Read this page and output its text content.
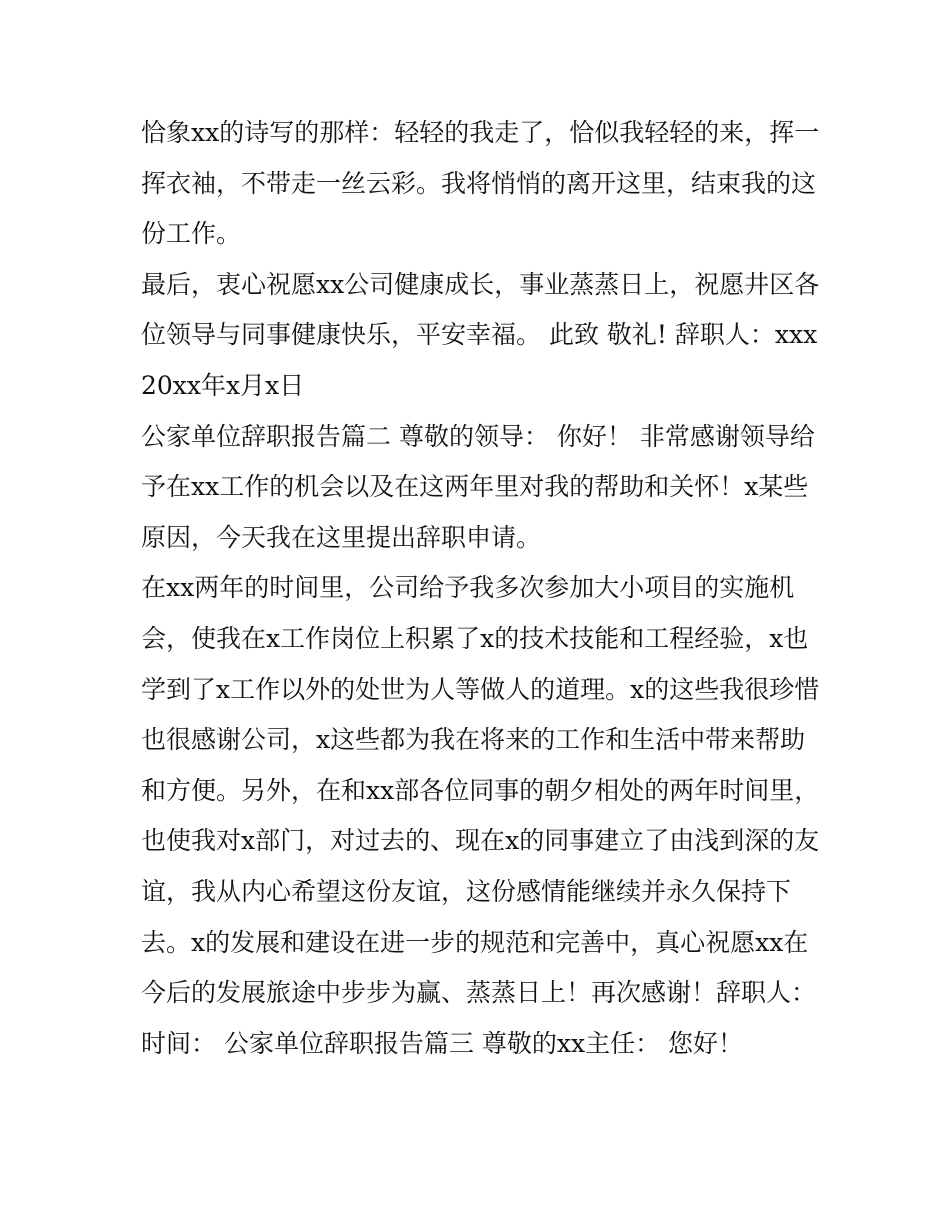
恰象xx的诗写的那样：轻轻的我走了，恰似我轻轻的来，挥一挥衣袖，不带走一丝云彩。我将悄悄的离开这里，结束我的这份工作。

最后，衷心祝愿xx公司健康成长，事业蒸蒸日上，祝愿井区各位领导与同事健康快乐，平安幸福。 此致 敬礼! 辞职人：xxx 20xx年x月x日

公家单位辞职报告篇二 尊敬的领导： 你好！ 非常感谢领导给予在xx工作的机会以及在这两年里对我的帮助和关怀！x某些原因，今天我在这里提出辞职申请。

在xx两年的时间里，公司给予我多次参加大小项目的实施机会，使我在x工作岗位上积累了x的技术技能和工程经验，x也学到了x工作以外的处世为人等做人的道理。x的这些我很珍惜也很感谢公司，x这些都为我在将来的工作和生活中带来帮助和方便。另外，在和xx部各位同事的朝夕相处的两年时间里，也使我对x部门，对过去的、现在x的同事建立了由浅到深的友谊，我从内心希望这份友谊，这份感情能继续并永久保持下去。x的发展和建设在进一步的规范和完善中，真心祝愿xx在今后的发展旅途中步步为赢、蒸蒸日上！再次感谢！辞职人： 时间： 公家单位辞职报告篇三 尊敬的xx主任： 您好！
